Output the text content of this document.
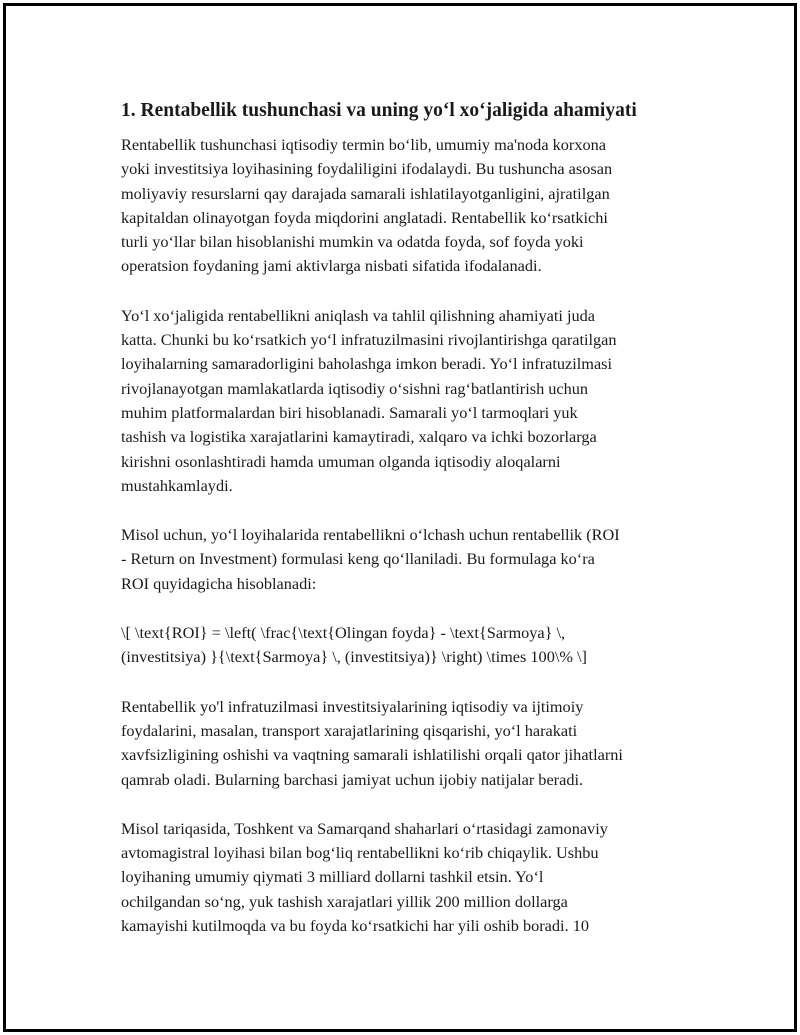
1. Rentabellik tushunchasi va uning yo‘l xo‘jaligida ahamiyati
Rentabellik tushunchasi iqtisodiy termin bo‘lib, umumiy ma'noda korxona
yoki investitsiya loyihasining foydaliligini ifodalaydi. Bu tushuncha asosan
moliyaviy resurslarni qay darajada samarali ishlatilayotganligini, ajratilgan
kapitaldan olinayotgan foyda miqdorini anglatadi. Rentabellik ko‘rsatkichi
turli yo‘llar bilan hisoblanishi mumkin va odatda foyda, sof foyda yoki
operatsion foydaning jami aktivlarga nisbati sifatida ifodalanadi.
Yo‘l xo‘jaligida rentabellikni aniqlash va tahlil qilishning ahamiyati juda
katta. Chunki bu ko‘rsatkich yo‘l infratuzilmasini rivojlantirishga qaratilgan
loyihalarning samaradorligini baholashga imkon beradi. Yo‘l infratuzilmasi
rivojlanayotgan mamlakatlarda iqtisodiy o‘sishni rag‘batlantirish uchun
muhim platformalardan biri hisoblanadi. Samarali yo‘l tarmoqlari yuk
tashish va logistika xarajatlarini kamaytiradi, xalqaro va ichki bozorlarga
kirishni osonlashtiradi hamda umuman olganda iqtisodiy aloqalarni
mustahkamlaydi.
Misol uchun, yo‘l loyihalarida rentabellikni o‘lchash uchun rentabellik (ROI
- Return on Investment) formulasi keng qo‘llaniladi. Bu formulaga ko‘ra
ROI quyidagicha hisoblanadi:
\[ \text{ROI} = \left( \frac{\text{Olingan foyda} - \text{Sarmoya} \,
(investitsiya) }{\text{Sarmoya} \, (investitsiya)} \right) \times 100\% \]
Rentabellik yo'l infratuzilmasi investitsiyalarining iqtisodiy va ijtimoiy
foydalarini, masalan, transport xarajatlarining qisqarishi, yo‘l harakati
xavfsizligining oshishi va vaqtning samarali ishlatilishi orqali qator jihatlarni
qamrab oladi. Bularning barchasi jamiyat uchun ijobiy natijalar beradi.
Misol tariqasida, Toshkent va Samarqand shaharlari o‘rtasidagi zamonaviy
avtomagistral loyihasi bilan bog‘liq rentabellikni ko‘rib chiqaylik. Ushbu
loyihaning umumiy qiymati 3 milliard dollarni tashkil etsin. Yo‘l
ochilgandan so‘ng, yuk tashish xarajatlari yillik 200 million dollarga
kamayishi kutilmoqda va bu foyda ko‘rsatkichi har yili oshib boradi. 10
